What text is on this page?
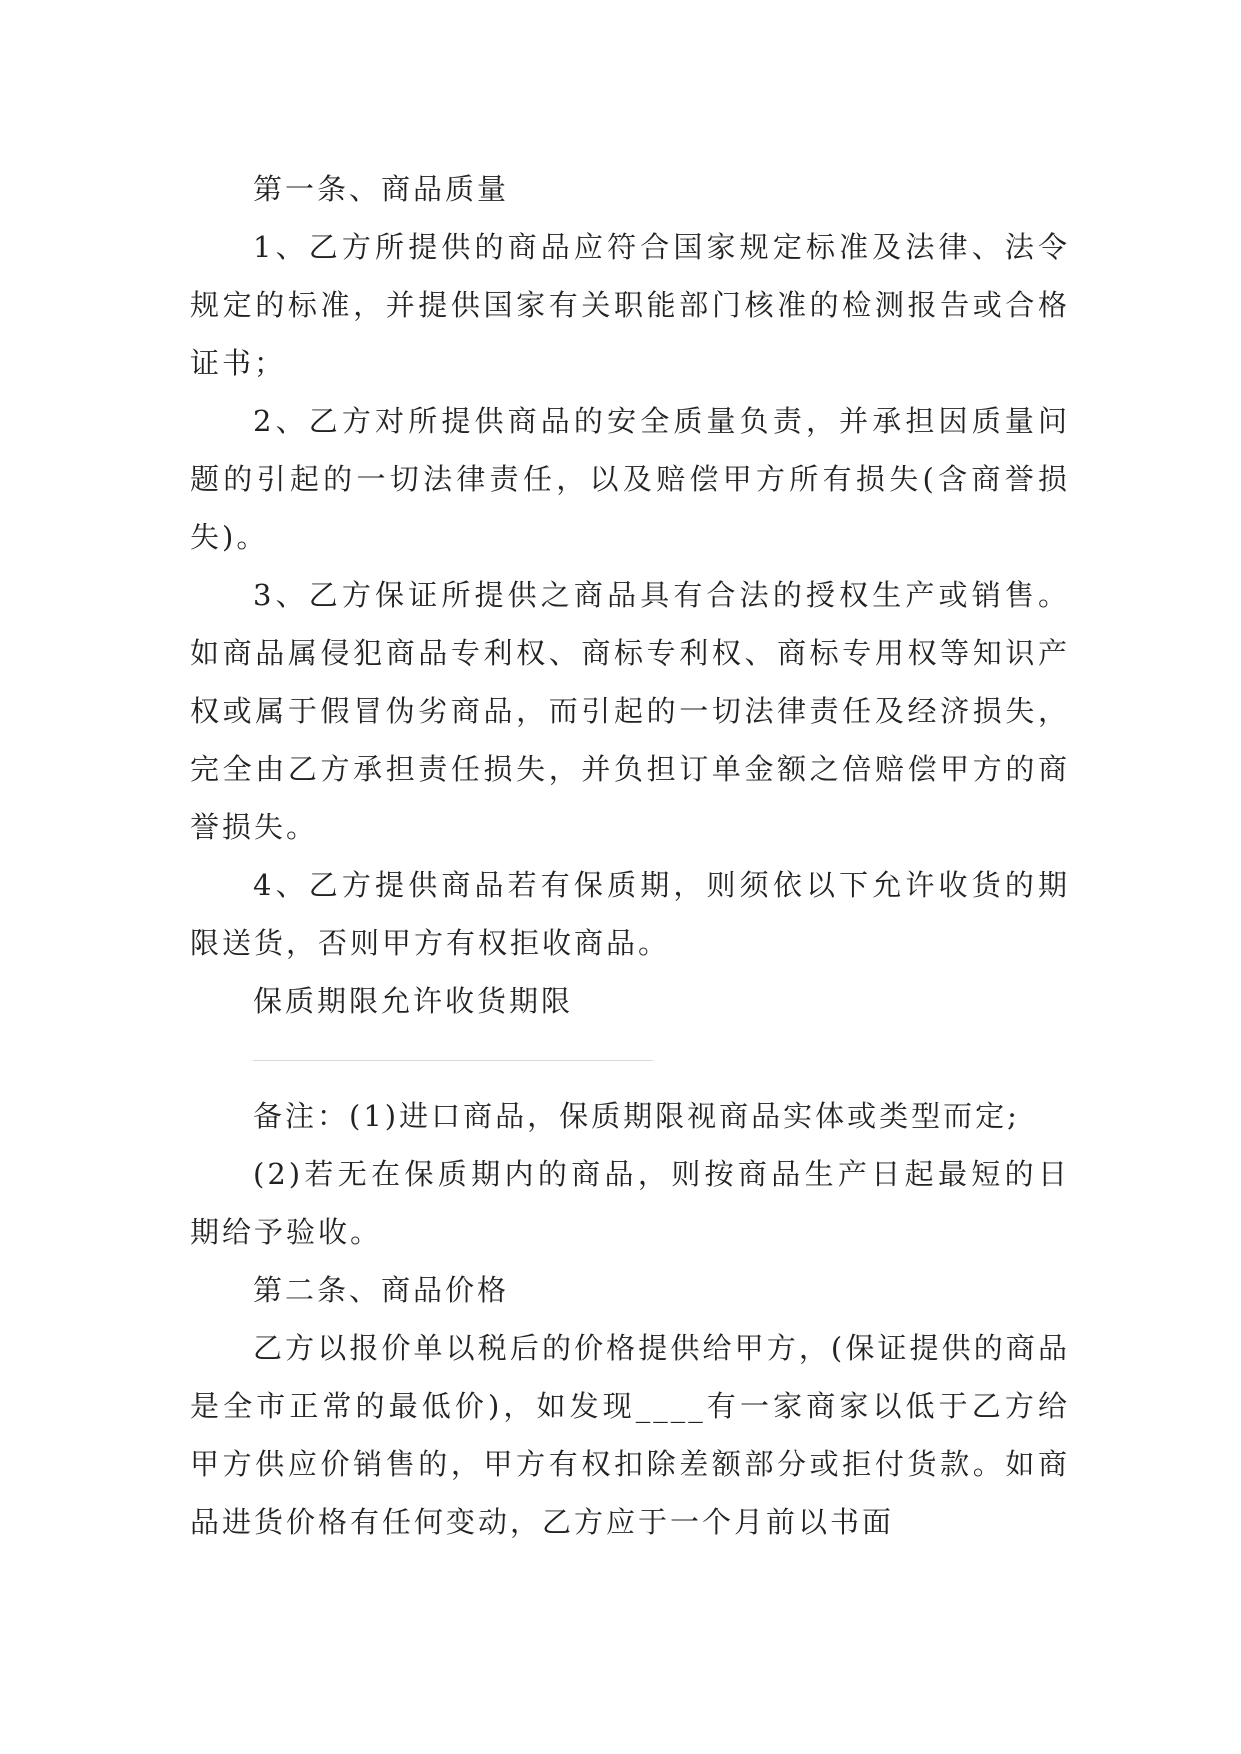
第一条、商品质量

1、乙方所提供的商品应符合国家规定标准及法律、法令规定的标准，并提供国家有关职能部门核准的检测报告或合格证书；

2、乙方对所提供商品的安全质量负责，并承担因质量问题的引起的一切法律责任，以及赔偿甲方所有损失(含商誉损失)。

3、乙方保证所提供之商品具有合法的授权生产或销售。如商品属侵犯商品专利权、商标专利权、商标专用权等知识产权或属于假冒伪劣商品，而引起的一切法律责任及经济损失，完全由乙方承担责任损失，并负担订单金额之倍赔偿甲方的商誉损失。

4、乙方提供商品若有保质期，则须依以下允许收货的期限送货，否则甲方有权拒收商品。

保质期限允许收货期限

备注：(1)进口商品，保质期限视商品实体或类型而定;

(2)若无在保质期内的商品，则按商品生产日起最短的日期给予验收。

第二条、商品价格

乙方以报价单以税后的价格提供给甲方，(保证提供的商品是全市正常的最低价)，如发现____有一家商家以低于乙方给甲方供应价销售的，甲方有权扣除差额部分或拒付货款。如商品进货价格有任何变动，乙方应于一个月前以书面
